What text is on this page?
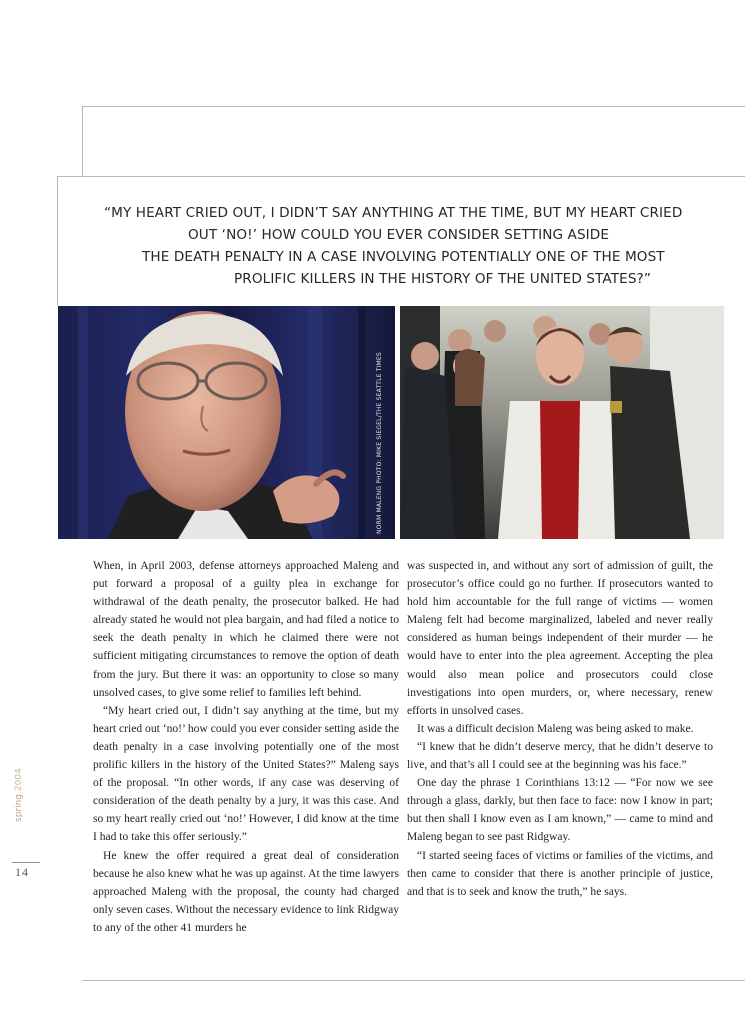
“MY HEART CRIED OUT, I DIDN’T SAY ANYTHING AT THE TIME, BUT MY HEART CRIED
OUT ‘NO!’ HOW COULD YOU EVER CONSIDER SETTING ASIDE
THE DEATH PENALTY IN A CASE INVOLVING POTENTIALLY ONE OF THE MOST
PROLIFIC KILLERS IN THE HISTORY OF THE UNITED STATES?”
NORM MALENG PHOTO: MIKE SIEGEL/THE SEATTLE TIMES	PHOTO: MIKE SIEGEL/THE SEATTLE TIMES

When, in April 2003, defense attorneys approached Maleng and put forward a proposal of a guilty plea in exchange for withdrawal of the death penalty, the prosecutor balked. He had already stated he would not plea bargain, and had filed a notice to seek the death penalty in which he claimed there were not sufficient mitigating circumstances to remove the option of death from the jury. But there it was: an opportunity to close so many unsolved cases, to give some relief to families left behind.

“My heart cried out, I didn’t say anything at the time, but my heart cried out ‘no!’ how could you ever consider setting aside the death penalty in a case involving potentially one of the most prolific killers in the history of the United States?” Maleng says of the proposal. “In other words, if any case was deserving of consideration of the death penalty by a jury, it was this case. And so my heart really cried out ‘no!’ However, I did know at the time I had to take this offer seriously.”

He knew the offer required a great deal of consideration because he also knew what he was up against. At the time lawyers approached Maleng with the proposal, the county had charged only seven cases. Without the necessary evidence to link Ridgway to any of the other 41 murders he

was suspected in, and without any sort of admission of guilt, the prosecutor’s office could go no further. If prosecutors wanted to hold him accountable for the full range of victims — women Maleng felt had become marginalized, labeled and never really considered as human beings independent of their murder — he would have to enter into the plea agreement. Accepting the plea would also mean police and prosecutors could close investigations into open murders, or, where necessary, renew efforts in unsolved cases.

It was a difficult decision Maleng was being asked to make.

“I knew that he didn’t deserve mercy, that he didn’t deserve to live, and that’s all I could see at the beginning was his face.”

One day the phrase 1 Corinthians 13:12 — “For now we see through a glass, darkly, but then face to face: now I know in part; but then shall I know even as I am known,” — came to mind and Maleng began to see past Ridgway.

“I started seeing faces of victims or families of the victims, and then came to consider that there is another principle of justice, and that is to seek and know the truth,” he says.

spring 2004
14
